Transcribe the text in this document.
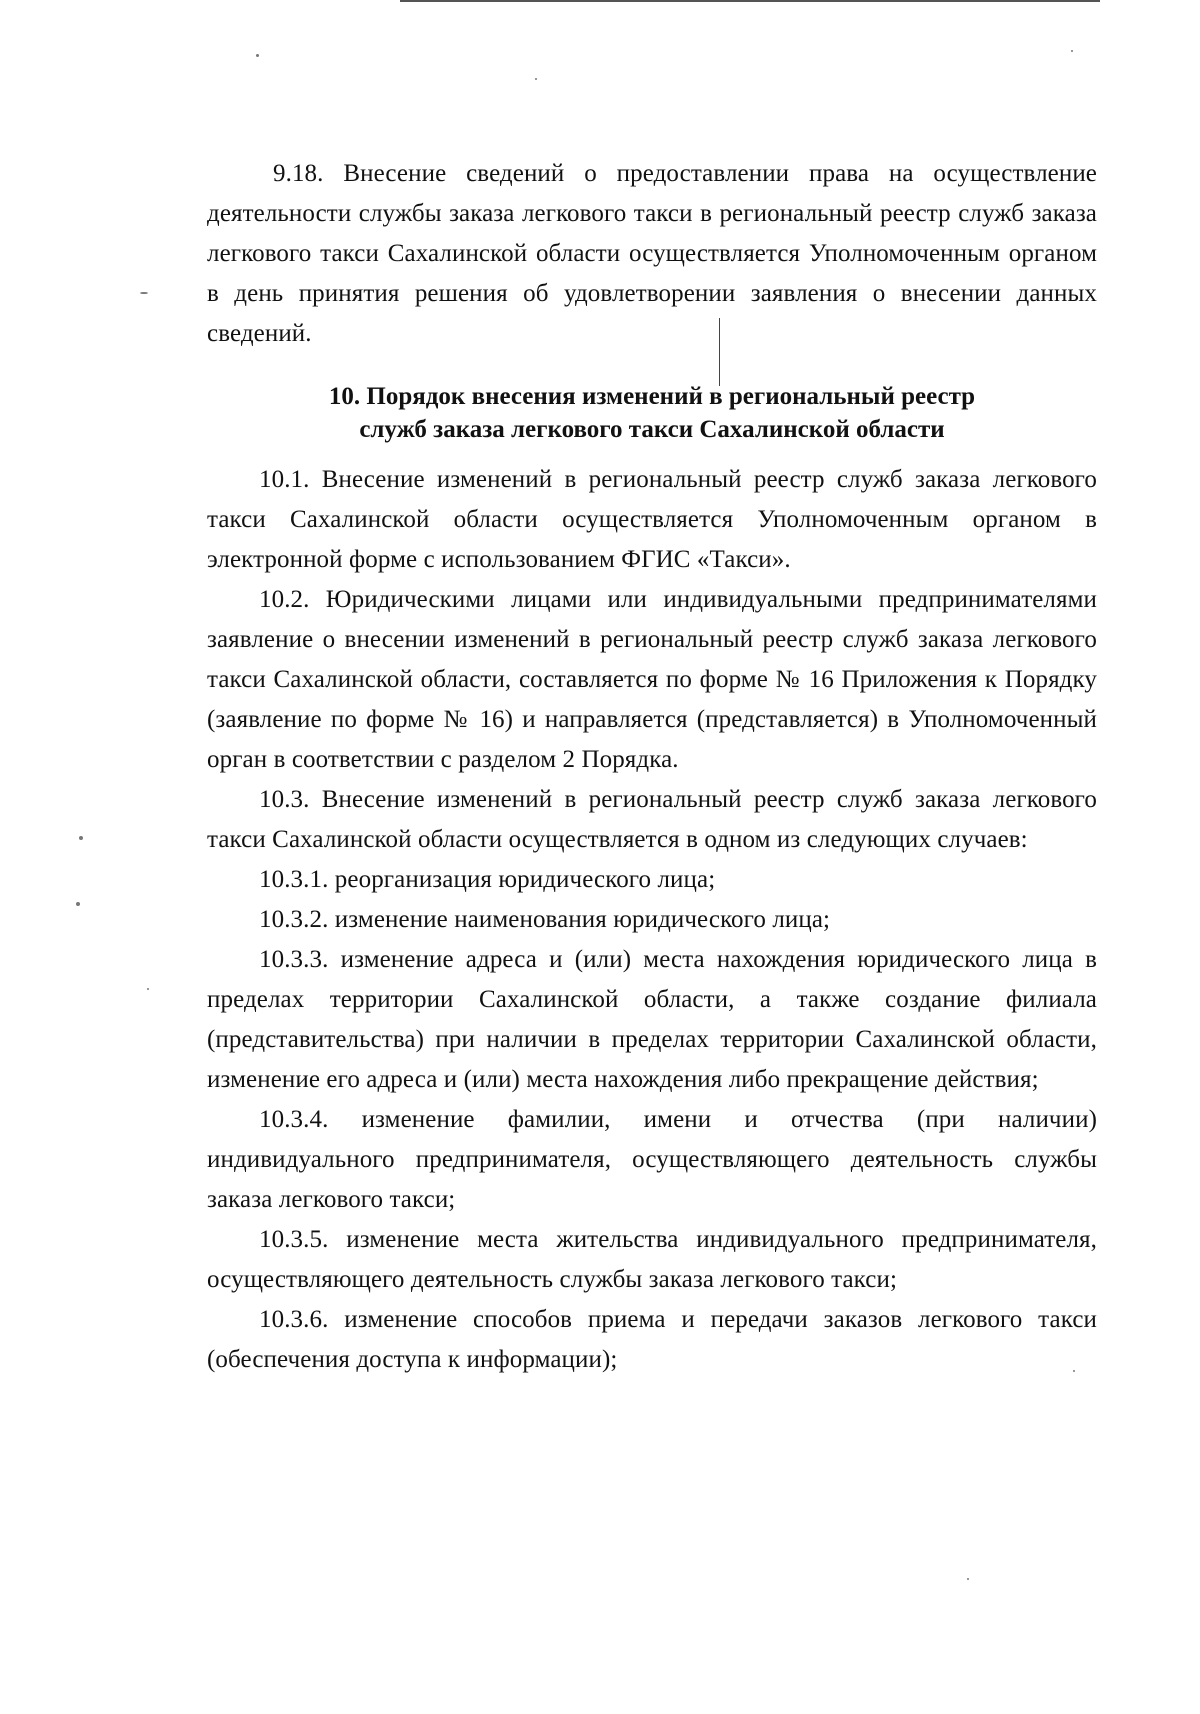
9.18. Внесение сведений о предоставлении права на осуществление деятельности службы заказа легкового такси в региональный реестр служб заказа легкового такси Сахалинской области осуществляется Уполномоченным органом в день принятия решения об удовлетворении заявления о внесении данных сведений.

10. Порядок внесения изменений в региональный реестр
служб заказа легкового такси Сахалинской области

10.1. Внесение изменений в региональный реестр служб заказа легкового такси Сахалинской области осуществляется Уполномоченным органом в электронной форме с использованием ФГИС «Такси».

10.2. Юридическими лицами или индивидуальными предпринимателями заявление о внесении изменений в региональный реестр служб заказа легкового такси Сахалинской области, составляется по форме № 16 Приложения к Порядку (заявление по форме № 16) и направляется (представляется) в Уполномоченный орган в соответствии с разделом 2 Порядка.

10.3. Внесение изменений в региональный реестр служб заказа легкового такси Сахалинской области осуществляется в одном из следующих случаев:

10.3.1. реорганизация юридического лица;

10.3.2. изменение наименования юридического лица;

10.3.3. изменение адреса и (или) места нахождения юридического лица в пределах территории Сахалинской области, а также создание филиала (представительства) при наличии в пределах территории Сахалинской области, изменение его адреса и (или) места нахождения либо прекращение действия;

10.3.4. изменение фамилии, имени и отчества (при наличии) индивидуального предпринимателя, осуществляющего деятельность службы заказа легкового такси;

10.3.5. изменение места жительства индивидуального предпринимателя, осуществляющего деятельность службы заказа легкового такси;

10.3.6. изменение способов приема и передачи заказов легкового такси (обеспечения доступа к информации);
